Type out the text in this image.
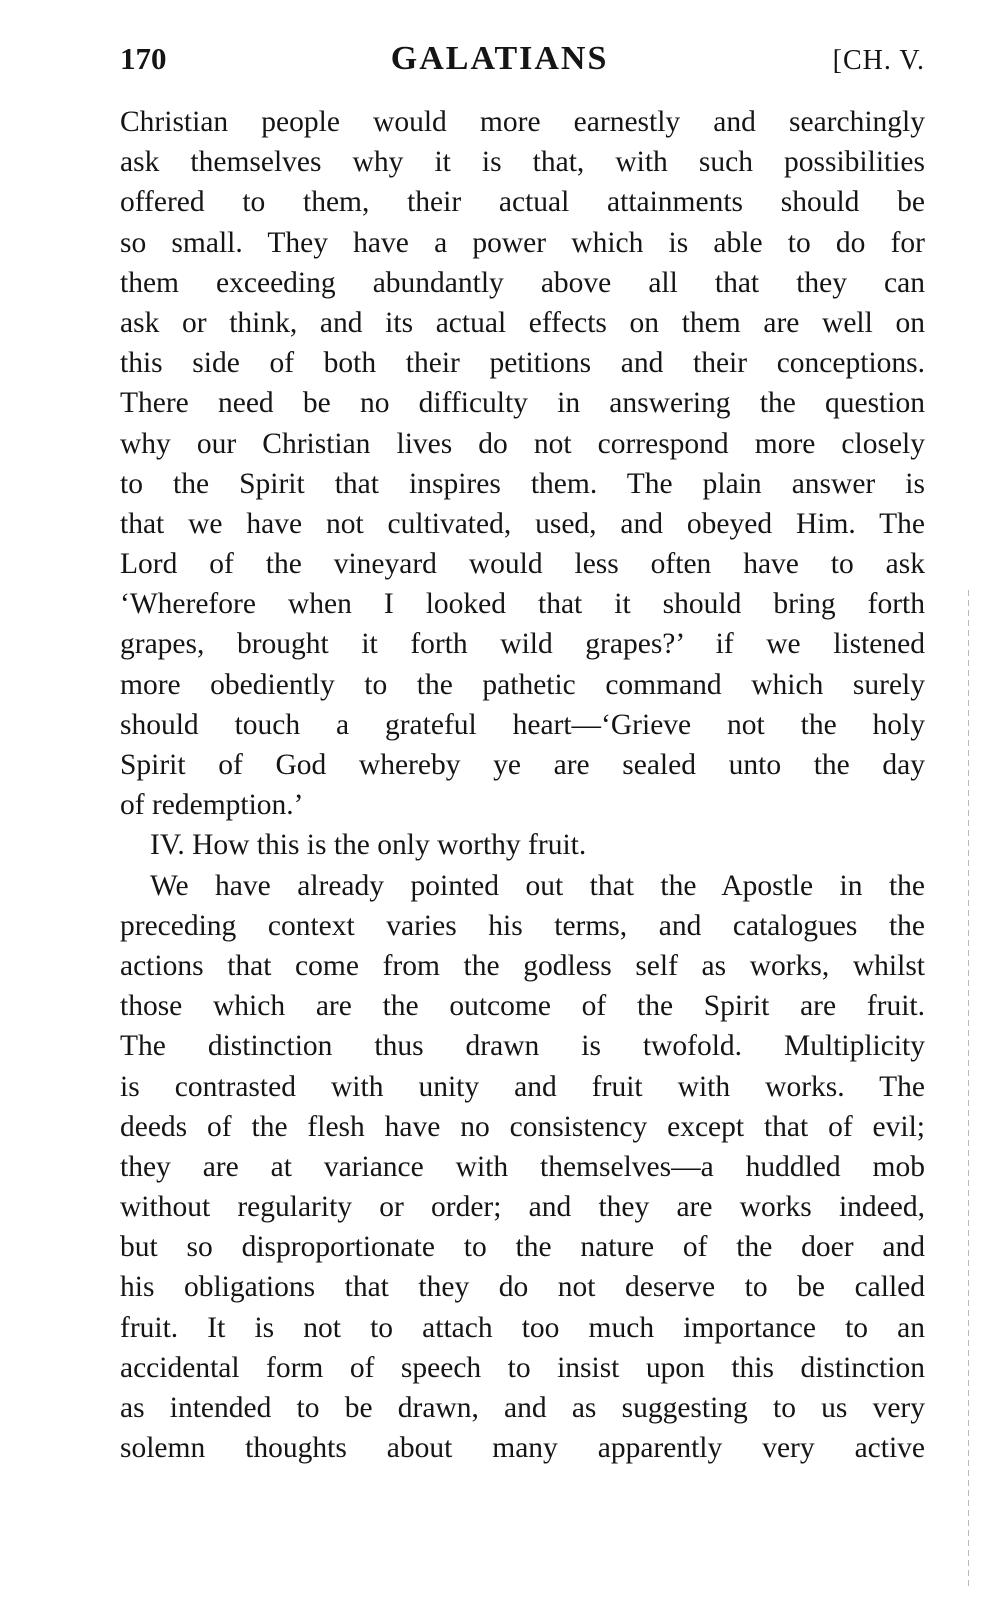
170	GALATIANS	[CH. V.
Christian people would more earnestly and searchingly
ask themselves why it is that, with such possibilities
offered to them, their actual attainments should be
so small. They have a power which is able to do for
them exceeding abundantly above all that they can
ask or think, and its actual effects on them are well on
this side of both their petitions and their conceptions.
There need be no difficulty in answering the question
why our Christian lives do not correspond more closely
to the Spirit that inspires them. The plain answer is
that we have not cultivated, used, and obeyed Him. The
Lord of the vineyard would less often have to ask
‘Wherefore when I looked that it should bring forth
grapes, brought it forth wild grapes?’ if we listened
more obediently to the pathetic command which surely
should touch a grateful heart—‘Grieve not the holy
Spirit of God whereby ye are sealed unto the day
of redemption.’
IV. How this is the only worthy fruit.
We have already pointed out that the Apostle in the
preceding context varies his terms, and catalogues the
actions that come from the godless self as works, whilst
those which are the outcome of the Spirit are fruit.
The distinction thus drawn is twofold. Multiplicity
is contrasted with unity and fruit with works. The
deeds of the flesh have no consistency except that of evil;
they are at variance with themselves—a huddled mob
without regularity or order; and they are works indeed,
but so disproportionate to the nature of the doer and
his obligations that they do not deserve to be called
fruit. It is not to attach too much importance to an
accidental form of speech to insist upon this distinction
as intended to be drawn, and as suggesting to us very
solemn thoughts about many apparently very active
